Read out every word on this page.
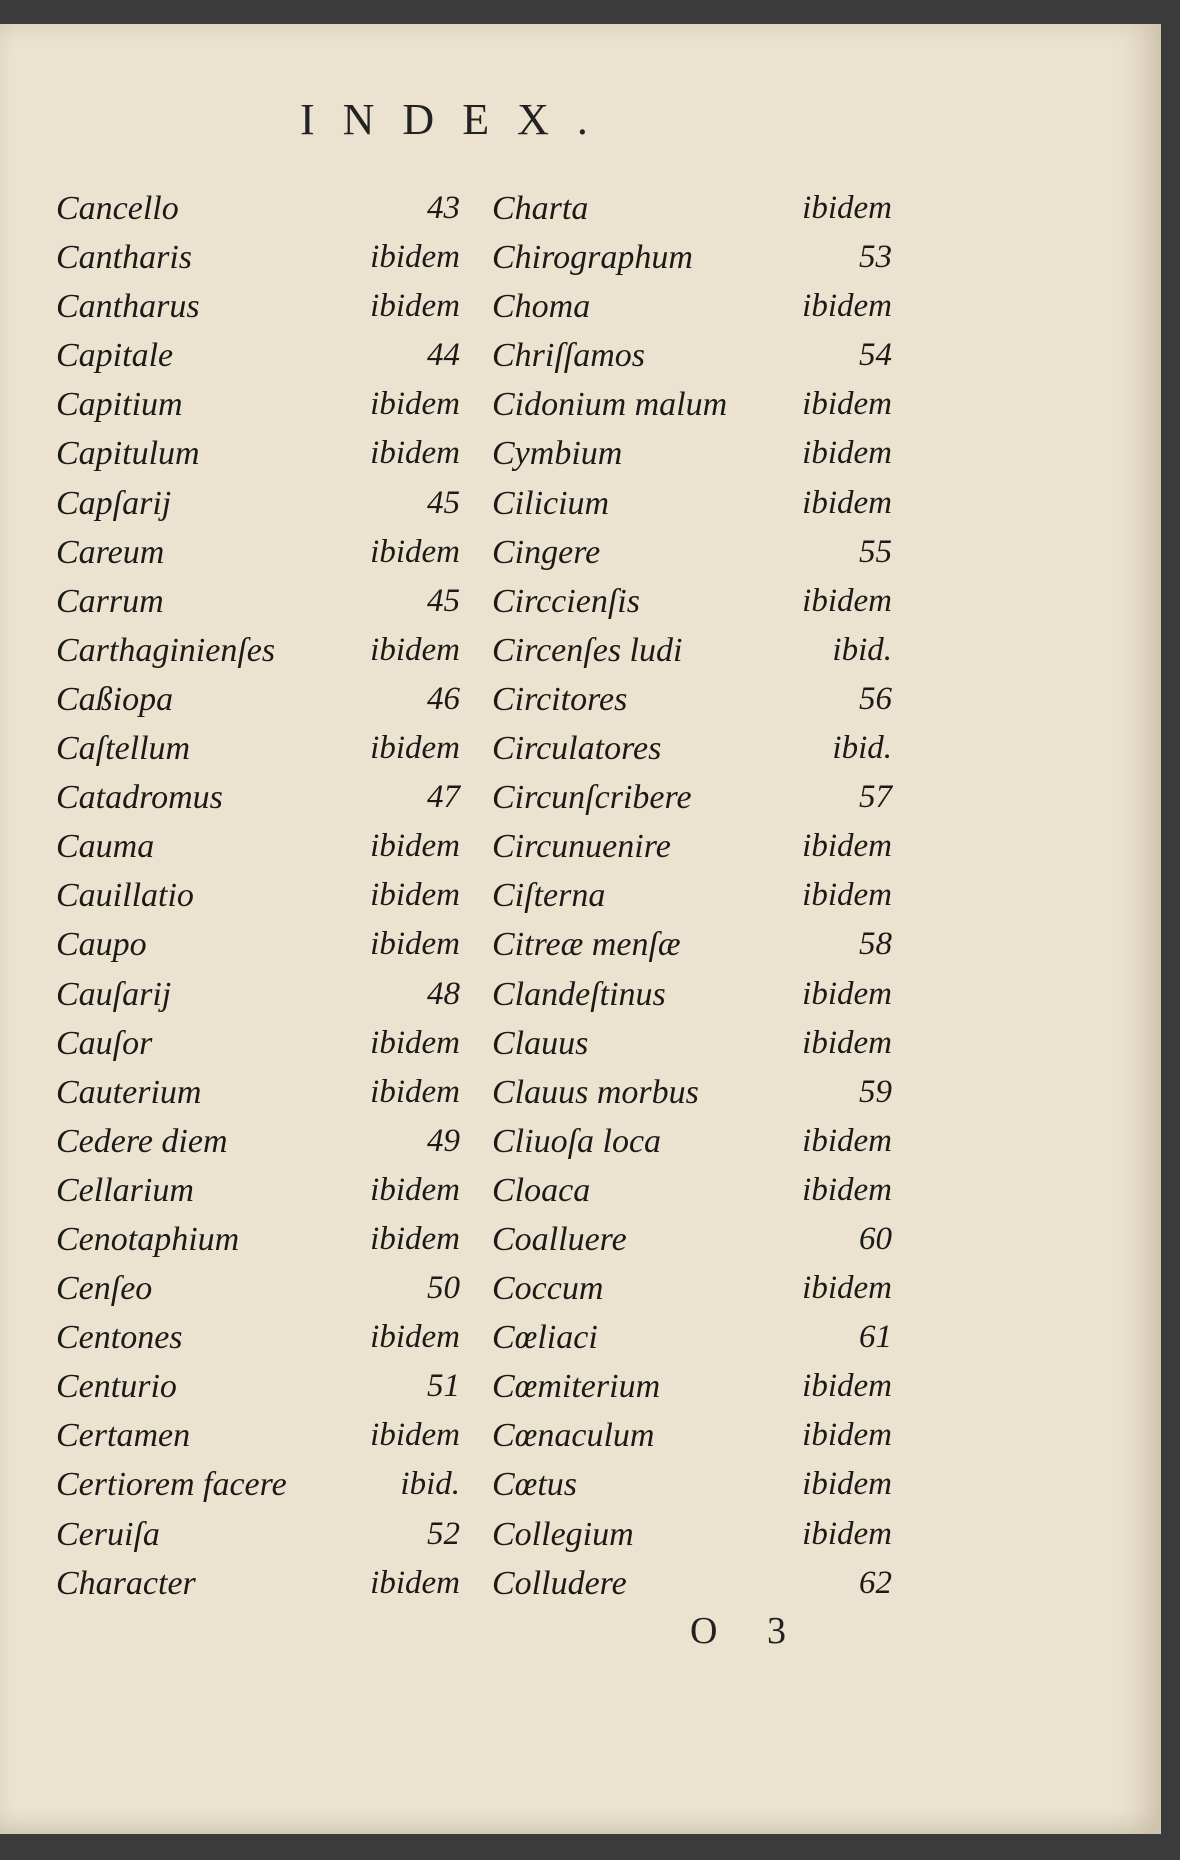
INDEX.
Cancello	43
Cantharis	ibidem
Cantharus	ibidem
Capitale	44
Capitium	ibidem
Capitulum	ibidem
Capſarij	45
Careum	ibidem
Carrum	45
Carthaginienſes	ibidem
Caßiopa	46
Caſtellum	ibidem
Catadromus	47
Cauma	ibidem
Cauillatio	ibidem
Caupo	ibidem
Cauſarij	48
Cauſor	ibidem
Cauterium	ibidem
Cedere diem	49
Cellarium	ibidem
Cenotaphium	ibidem
Cenſeo	50
Centones	ibidem
Centurio	51
Certamen	ibidem
Certiorem facere	ibid.
Ceruiſa	52
Character	ibidem
Charta	ibidem
Chirographum	53
Choma	ibidem
Chriſſamos	54
Cidonium malum ibidem
Cymbium	ibidem
Cilicium	ibidem
Cingere	55
Circcienſis	ibidem
Circenſes ludi	ibid.
Circitores	56
Circulatores	ibid.
Circunſcribere	57
Circunuenire	ibidem
Ciſterna	ibidem
Citreæ menſæ	58
Clandeſtinus	ibidem
Clauus	ibidem
Clauus morbus	59
Cliuoſa loca	ibidem
Cloaca	ibidem
Coalluere	60
Coccum	ibidem
Cœliaci	61
Cœmiterium	ibidem
Cœnaculum	ibidem
Cœtus	ibidem
Collegium	ibidem
Colludere	62
O 3
